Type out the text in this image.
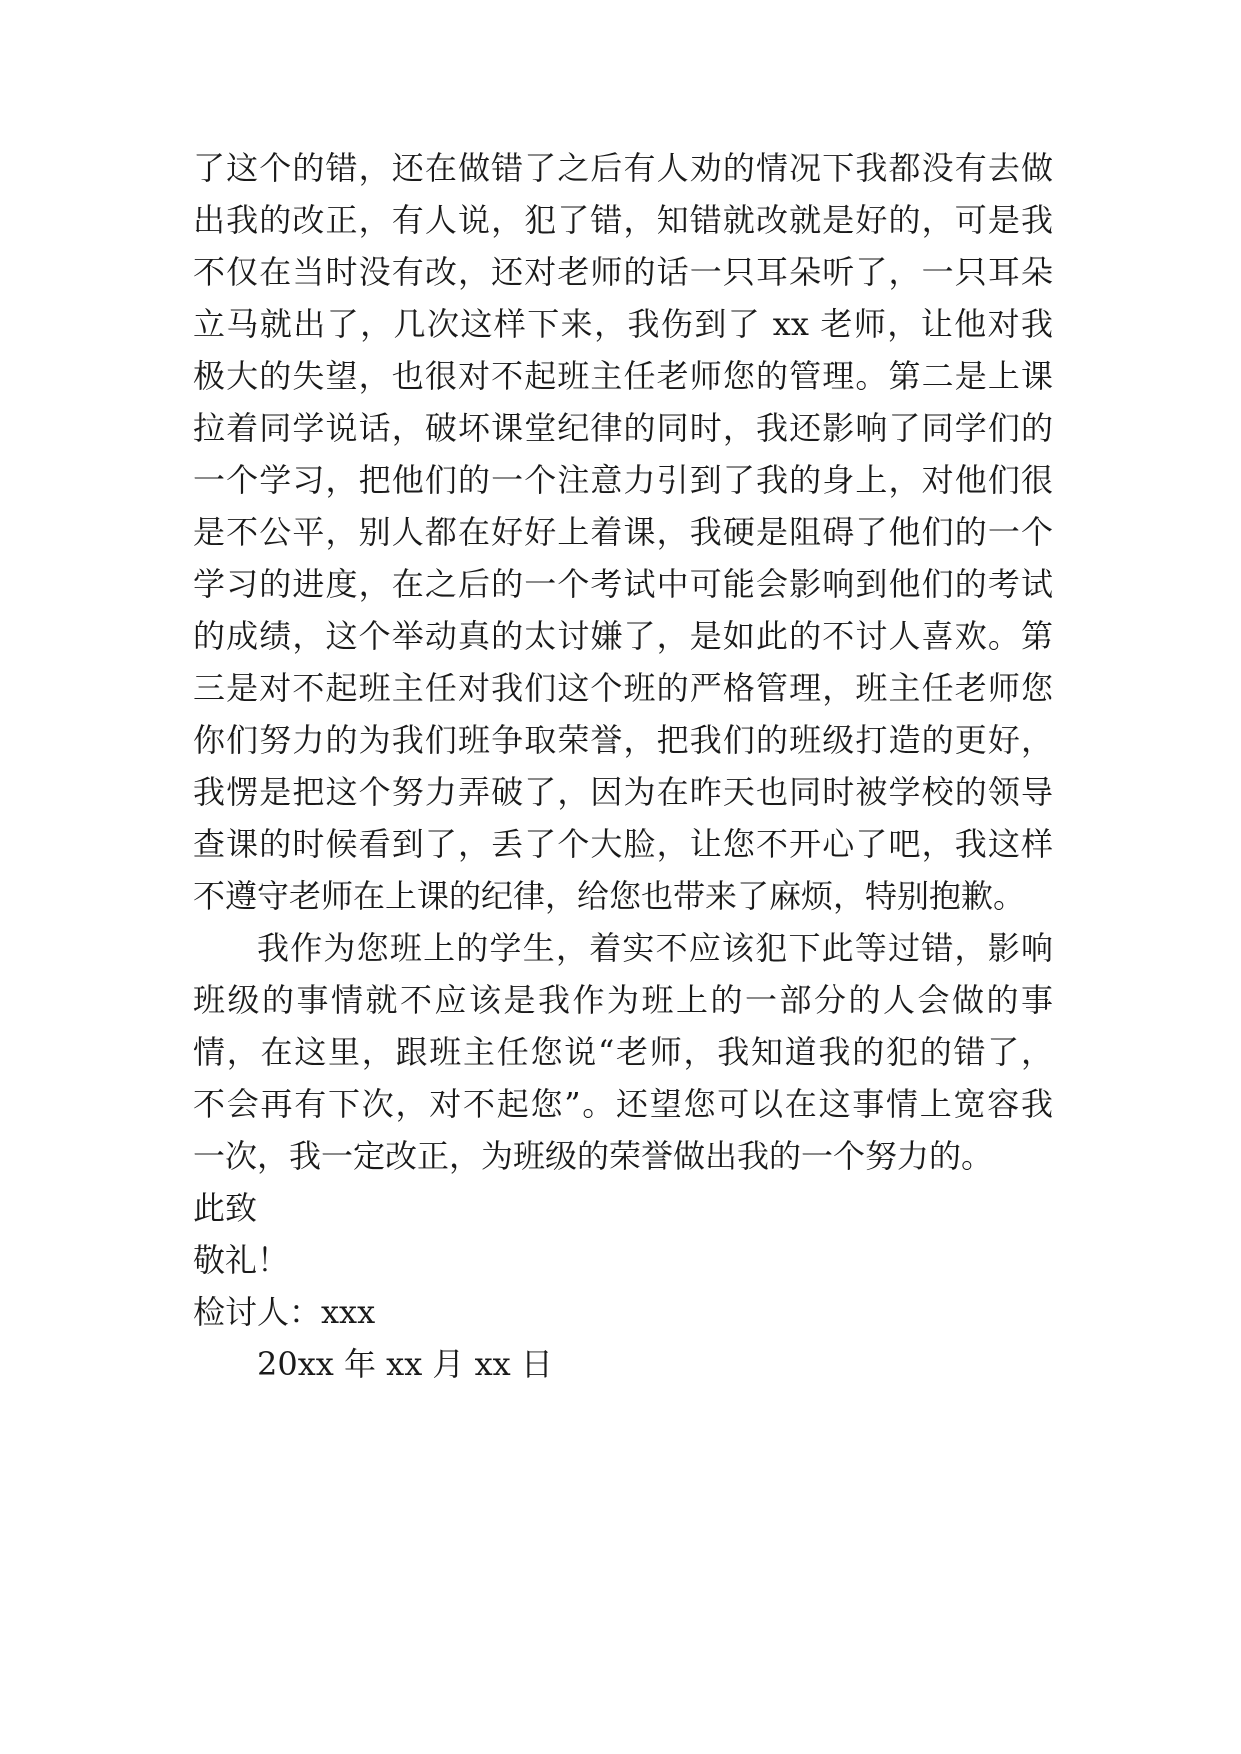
了这个的错，还在做错了之后有人劝的情况下我都没有去做
出我的改正，有人说，犯了错，知错就改就是好的，可是我
不仅在当时没有改，还对老师的话一只耳朵听了，一只耳朵
立马就出了，几次这样下来，我伤到了 xx 老师，让他对我
极大的失望，也很对不起班主任老师您的管理。第二是上课
拉着同学说话，破坏课堂纪律的同时，我还影响了同学们的
一个学习，把他们的一个注意力引到了我的身上，对他们很
是不公平，别人都在好好上着课，我硬是阻碍了他们的一个
学习的进度，在之后的一个考试中可能会影响到他们的考试
的成绩，这个举动真的太讨嫌了，是如此的不讨人喜欢。第
三是对不起班主任对我们这个班的严格管理，班主任老师您
你们努力的为我们班争取荣誉，把我们的班级打造的更好，
我愣是把这个努力弄破了，因为在昨天也同时被学校的领导
查课的时候看到了，丢了个大脸，让您不开心了吧，我这样
不遵守老师在上课的纪律，给您也带来了麻烦，特别抱歉。
我作为您班上的学生，着实不应该犯下此等过错，影响
班级的事情就不应该是我作为班上的一部分的人会做的事
情，在这里，跟班主任您说“老师，我知道我的犯的错了，
不会再有下次，对不起您”。还望您可以在这事情上宽容我
一次，我一定改正，为班级的荣誉做出我的一个努力的。
此致
敬礼！
检讨人：xxx
20xx 年 xx 月 xx 日
